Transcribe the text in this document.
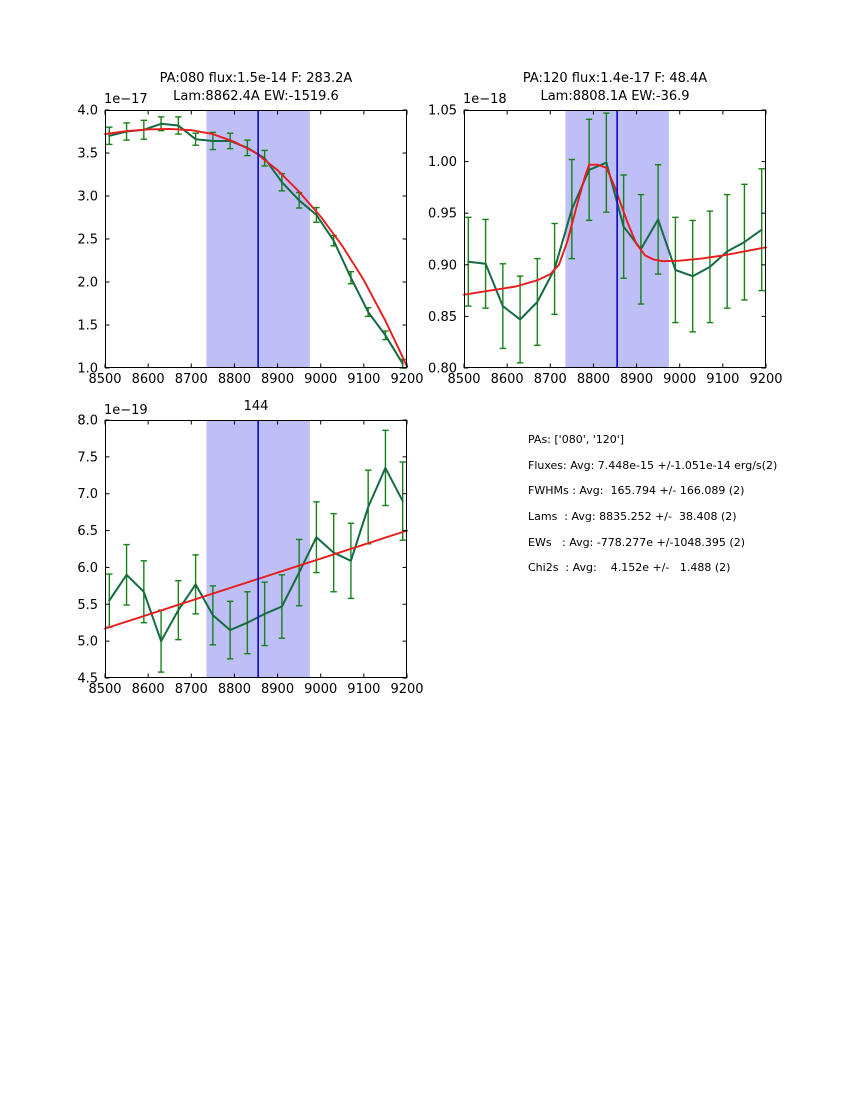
PA:080 flux:1.5e-14 F: 283.2A
Lam:8862.4A EW:-1519.6
1e−17
8500 8600 8700 8800 8900 9000 9100 9200
1.0
1.5
2.0
2.5
3.0
3.5
4.0
PA:120 flux:1.4e-17 F: 48.4A
Lam:8808.1A EW:-36.9
1e−18
8500 8600 8700 8800 8900 9000 9100 9200
0.80
0.85
0.90
0.95
1.00
1.05
144
1e−19
8500 8600 8700 8800 8900 9000 9100 9200
4.5
5.0
5.5
6.0
6.5
7.0
7.5
8.0
PAs: ['080', '120']
Fluxes: Avg: 7.448e-15 +/-1.051e-14 erg/s(2)
FWHMs : Avg:  165.794 +/- 166.089 (2)
Lams  : Avg: 8835.252 +/-  38.408 (2)
EWs   : Avg: -778.277e +/-1048.395 (2)
Chi2s  : Avg:    4.152e +/-   1.488 (2)
